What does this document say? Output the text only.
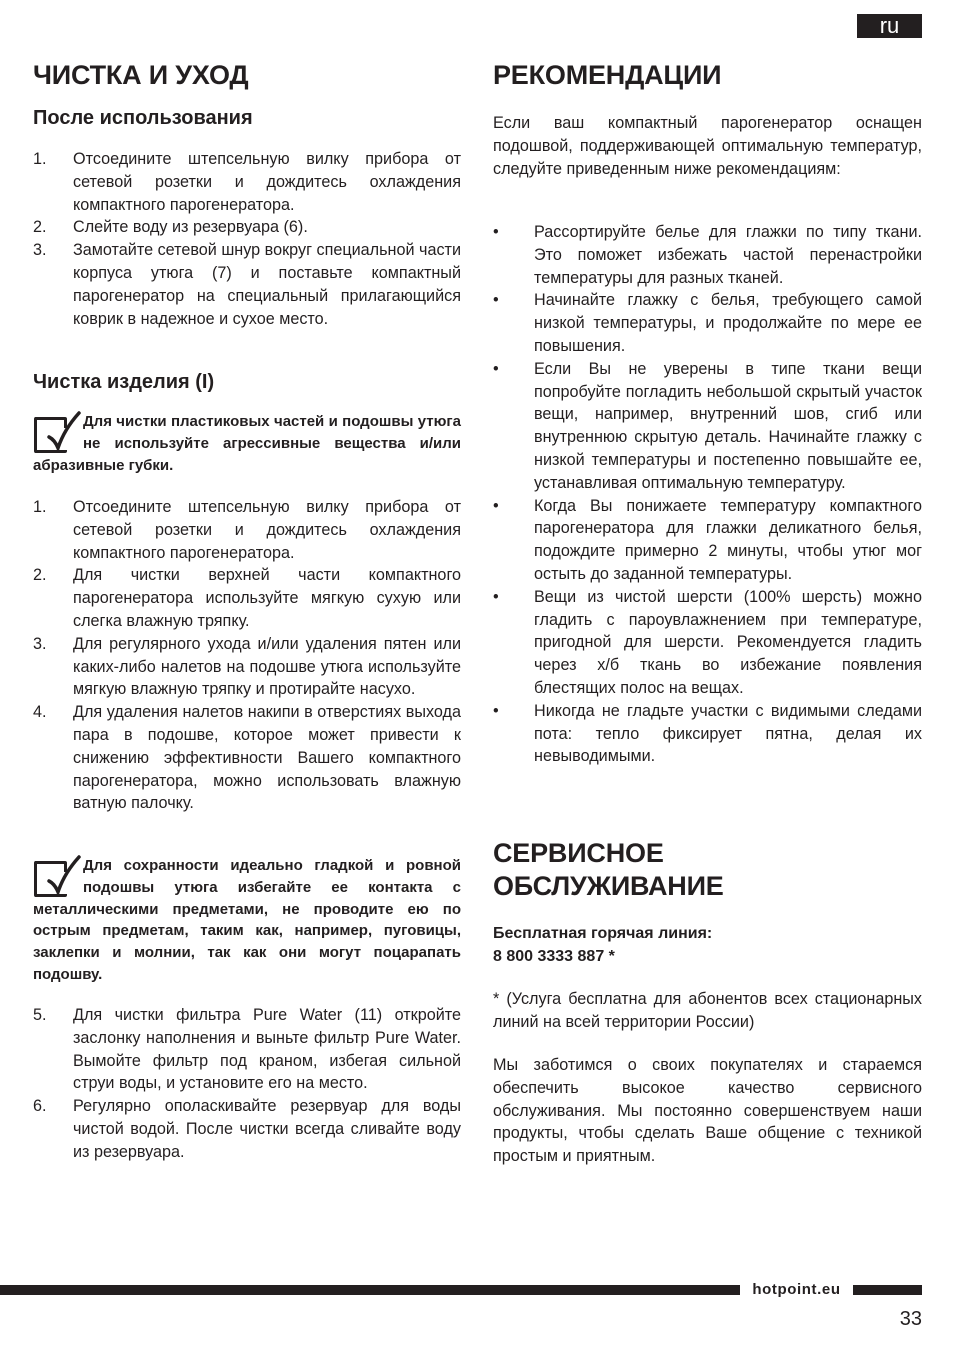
ru
ЧИСТКА И УХОД
После использования
1. Отсоедините штепсельную вилку прибора от сетевой розетки и дождитесь охлаждения компактного парогенератора.
2. Слейте воду из резервуара (6).
3. Замотайте сетевой шнур вокруг специальной части корпуса утюга (7) и поставьте компактный парогенератор на специальный прилагающийся коврик в надежное и сухое место.
Чистка изделия (I)
Для чистки пластиковых частей и подошвы утюга не используйте агрессивные вещества и/или абразивные губки.
1. Отсоедините штепсельную вилку прибора от сетевой розетки и дождитесь охлаждения компактного парогенератора.
2. Для чистки верхней части компактного парогенератора используйте мягкую сухую или слегка влажную тряпку.
3. Для регулярного ухода и/или удаления пятен или каких-либо налетов на подошве утюга используйте мягкую влажную тряпку и протирайте насухо.
4. Для удаления налетов накипи в отверстиях выхода пара в подошве, которое может привести к снижению эффективности Вашего компактного парогенератора, можно использовать влажную ватную палочку.
Для сохранности идеально гладкой и ровной подошвы утюга избегайте ее контакта с металлическими предметами, не проводите ею по острым предметам, таким как, например, пуговицы, заклепки и молнии, так как они могут поцарапать подошву.
5. Для чистки фильтра Pure Water (11) откройте заслонку наполнения и выньте фильтр Pure Water. Вымойте фильтр под краном, избегая сильной струи воды, и установите его на место.
6. Регулярно ополаскивайте резервуар для воды чистой водой. После чистки всегда сливайте воду из резервуара.
РЕКОМЕНДАЦИИ

Если ваш компактный парогенератор оснащен подошвой, поддерживающей оптимальную температур, следуйте приведенным ниже рекомендациям:

• Рассортируйте белье для глажки по типу ткани. Это поможет избежать частой перенастройки температуры для разных тканей.
• Начинайте глажку с белья, требующего самой низкой температуры, и продолжайте по мере ее повышения.
• Если Вы не уверены в типе ткани вещи попробуйте погладить небольшой скрытый участок вещи, например, внутренний шов, сгиб или внутреннюю скрытую деталь. Начинайте глажку с низкой температуры и постепенно повышайте ее, устанавливая оптимальную температуру.
• Когда Вы понижаете температуру компактного парогенератора для глажки деликатного белья, подождите примерно 2 минуты, чтобы утюг мог остыть до заданной температуры.
• Вещи из чистой шерсти (100% шерсть) можно гладить с пароувлажнением при температуре, пригодной для шерсти. Рекомендуется гладить через х/б ткань во избежание появления блестящих полос на вещах.
• Никогда не гладьте участки с видимыми следами пота: тепло фиксирует пятна, делая их невыводимыми.
СЕРВИСНОЕ
ОБСЛУЖИВАНИЕ
Бесплатная горячая линия:
8 800 3333 887 *

* (Услуга бесплатна для абонентов всех стационарных линий на всей территории России)

Мы заботимся о своих покупателях и стараемся обеспечить высокое качество сервисного обслуживания. Мы постоянно совершенствуем наши продукты, чтобы сделать Ваше общение с техникой простым и приятным.

hotpoint.eu
33
